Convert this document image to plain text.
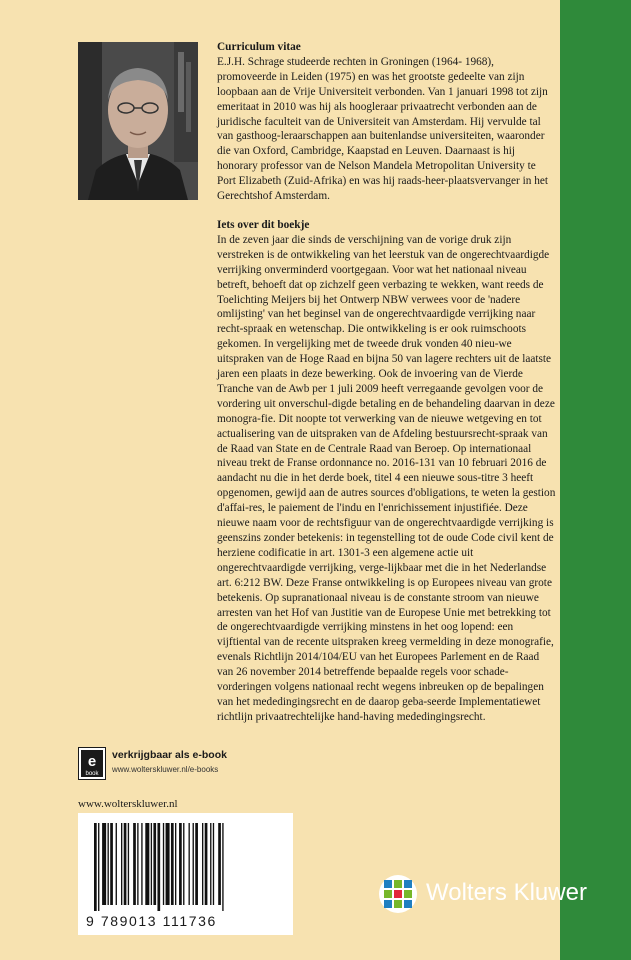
Curriculum vitae

E.J.H. Schrage studeerde rechten in Groningen (1964- 1968), promoveerde in Leiden (1975) en was het grootste gedeelte van zijn loopbaan aan de Vrije Universiteit verbonden. Van 1 januari 1998 tot zijn emeritaat in 2010 was hij als hoogleraar privaatrecht verbonden aan de juridische faculteit van de Universiteit van Amsterdam. Hij vervulde tal van gasthoog-leraarschappen aan buitenlandse universiteiten, waaronder die van Oxford, Cambridge, Kaapstad en Leuven. Daarnaast is hij honorary professor van de Nelson Mandela Metropolitan University te Port Elizabeth (Zuid-Afrika) en was hij raads-heer-plaatsvervanger in het Gerechtshof Amsterdam.

Iets over dit boekje

In de zeven jaar die sinds de verschijning van de vorige druk zijn verstreken is de ontwikkeling van het leerstuk van de ongerechtvaardigde verrijking onverminderd voortgegaan. Voor wat het nationaal niveau betreft, behoeft dat op zichzelf geen verbazing te wekken, want reeds de Toelichting Meijers bij het Ontwerp NBW verwees voor de 'nadere omlijsting' van het beginsel van de ongerechtvaardigde verrijking naar recht-spraak en wetenschap. Die ontwikkeling is er ook ruimschoots gekomen. In vergelijking met de tweede druk vonden 40 nieu-we uitspraken van de Hoge Raad en bijna 50 van lagere rechters uit de laatste jaren een plaats in deze bewerking. Ook de invoering van de Vierde Tranche van de Awb per 1 juli 2009 heeft verregaande gevolgen voor de vordering uit onverschul-digde betaling en de behandeling daarvan in deze monogra-fie. Dit noopte tot verwerking van de nieuwe wetgeving en tot actualisering van de uitspraken van de Afdeling bestuursrecht-spraak van de Raad van State en de Centrale Raad van Beroep. Op internationaal niveau trekt de Franse ordonnance no. 2016-131 van 10 februari 2016 de aandacht nu die in het derde boek, titel 4 een nieuwe sous-titre 3 heeft opgenomen, gewijd aan de autres sources d'obligations, te weten la gestion d'affai-res, le paiement de l'indu en l'enrichissement injustifiée. Deze nieuwe naam voor de rechtsfiguur van de ongerechtvaardigde verrijking is geenszins zonder betekenis: in tegenstelling tot de oude Code civil kent de herziene codificatie in art. 1301-3 een algemene actie uit ongerechtvaardigde verrijking, verge-lijkbaar met die in het Nederlandse art. 6:212 BW. Deze Franse ontwikkeling is op Europees niveau van grote betekenis. Op supranationaal niveau is de constante stroom van nieuwe arresten van het Hof van Justitie van de Europese Unie met betrekking tot de ongerechtvaardigde verrijking minstens in het oog lopend: een vijftiental van de recente uitspraken kreeg vermelding in deze monografie, evenals Richtlijn 2014/104/EU van het Europees Parlement en de Raad van 26 november 2014 betreffende bepaalde regels voor schade-vorderingen volgens nationaal recht wegens inbreuken op de bepalingen van het mededingingsrecht en de daarop geba-seerde Implementatiewet richtlijn privaatrechtelijke hand-having mededingingsrecht.

e
book
verkrijgbaar als e-book
www.wolterskluwer.nl/e-books
www.wolterskluwer.nl
9 789013 111736
Wolters Kluwer
